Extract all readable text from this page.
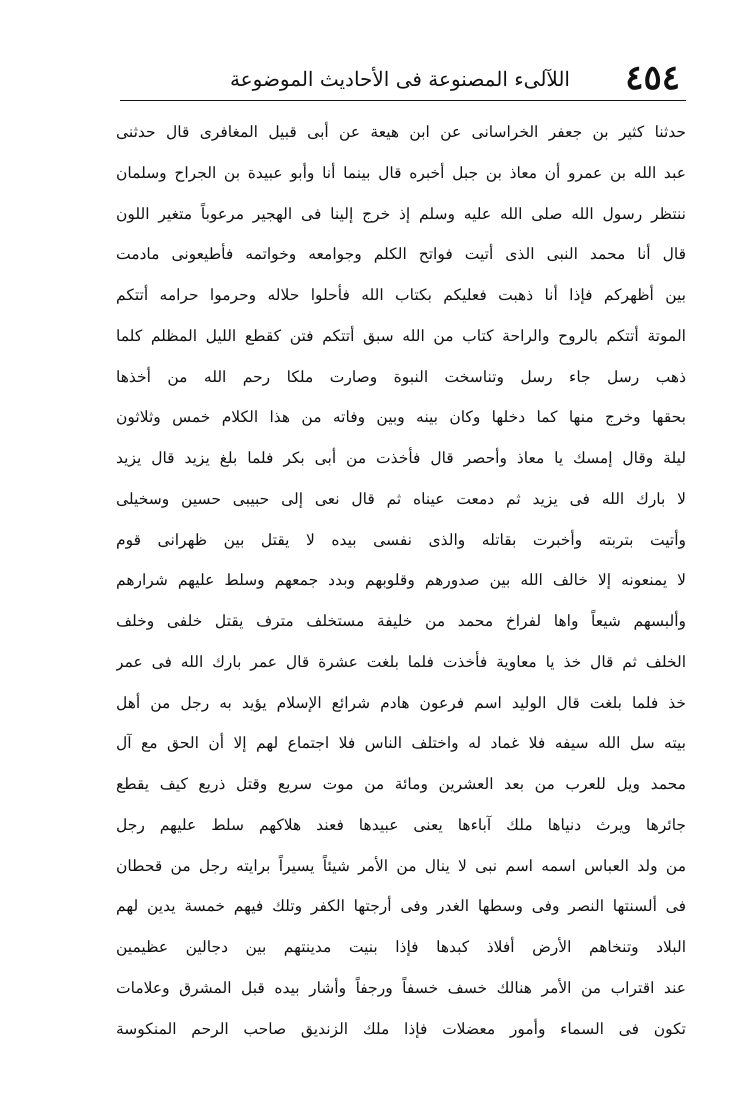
٤٥٤
اللآلىء المصنوعة فى الأحاديث الموضوعة
حدثنا كثير بن جعفر الخراسانى عن ابن هيعة عن أبى قبيل المغافرى قال حدثنى
عبد الله بن عمرو أن معاذ بن جبل أخبره قال بينما أنا وأبو عبيدة بن الجراح وسلمان
ننتظر رسول الله صلى الله عليه وسلم إذ خرج إلينا فى الهجير مرعوباً متغير اللون
قال أنا محمد النبى الذى أتيت فواتح الكلم وجوامعه وخواتمه فأطيعونى مادمت
بين أظهركم فإذا أنا ذهبت فعليكم بكتاب الله فأحلوا حلاله وحرموا حرامه أتتكم
الموتة أتتكم بالروح والراحة كتاب من الله سبق أتتكم فتن كقطع الليل المظلم كلما
ذهب رسل جاء رسل وتناسخت النبوة وصارت ملكا رحم الله من أخذها
بحقها وخرج منها كما دخلها وكان بينه وبين وفاته من هذا الكلام خمس وثلاثون
ليلة وقال إمسك يا معاذ وأحصر قال فأخذت من أبى بكر فلما بلغ يزيد قال يزيد
لا بارك الله فى يزيد ثم دمعت عيناه ثم قال نعى إلى حبيبى حسين وسخيلى
وأتيت بتربته وأخبرت بقاتله والذى نفسى بيده لا يقتل بين ظهرانى قوم
لا يمنعونه إلا خالف الله بين صدورهم وقلوبهم وبدد جمعهم وسلط عليهم شرارهم
وألبسهم شيعاً واها لفراخ محمد من خليفة مستخلف مترف يقتل خلفى وخلف
الخلف ثم قال خذ يا معاوية فأخذت فلما بلغت عشرة قال عمر بارك الله فى عمر
خذ فلما بلغت قال الوليد اسم فرعون هادم شرائع الإسلام يؤيد به رجل من أهل
بيته سل الله سيفه فلا غماد له واختلف الناس فلا اجتماع لهم إلا أن الحق مع آل
محمد ويل للعرب من بعد العشرين ومائة من موت سريع وقتل ذريع كيف يقطع
جائرها ويرث دنياها ملك آباءها يعنى عبيدها فعند هلاكهم سلط عليهم رجل
من ولد العباس اسمه اسم نبى لا ينال من الأمر شيئاً يسيراً برايته رجل من قحطان
فى ألسنتها النصر وفى وسطها الغدر وفى أرجتها الكفر وتلك فيهم خمسة يدين لهم
البلاد وتنخاهم الأرض أفلاذ كبدها فإذا بنيت مدينتهم بين دجالين عظيمين
عند اقتراب من الأمر هنالك خسف خسفاً ورجفاً وأشار بيده قبل المشرق وعلامات
تكون فى السماء وأمور معضلات فإذا ملك الزنديق صاحب الرحم المنكوسة
